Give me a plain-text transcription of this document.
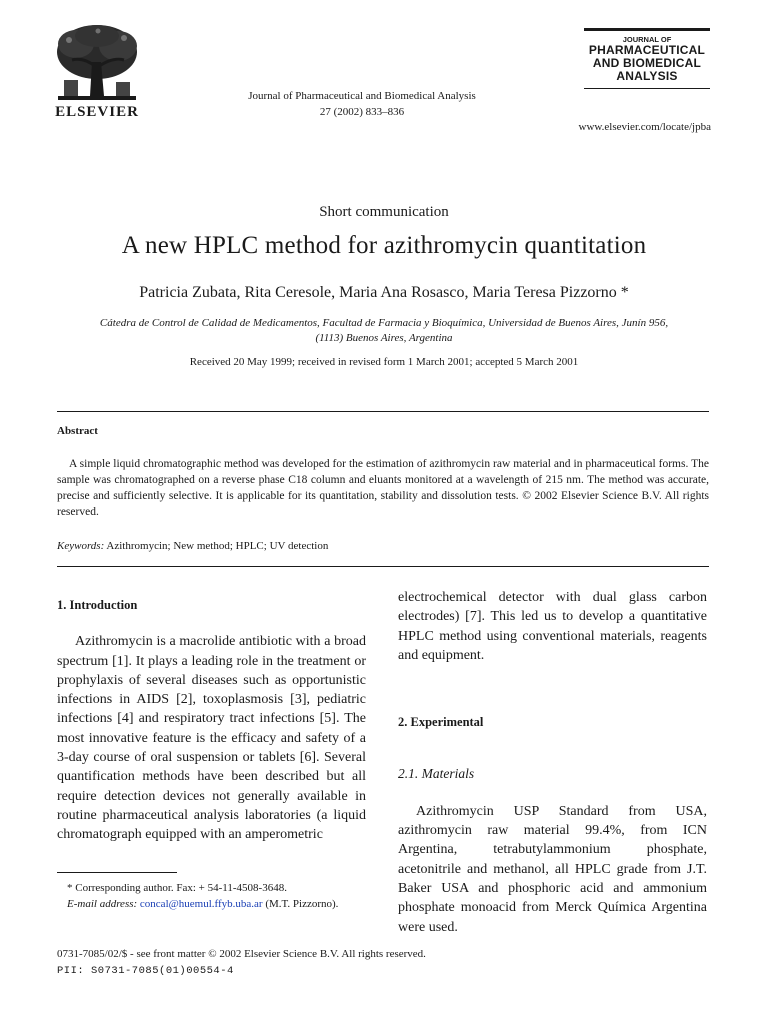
ELSEVIER
Journal of Pharmaceutical and Biomedical Analysis
27 (2002) 833–836
JOURNAL OF
PHARMACEUTICAL
AND BIOMEDICAL
ANALYSIS
www.elsevier.com/locate/jpba
Short communication
A new HPLC method for azithromycin quantitation
Patricia Zubata, Rita Ceresole, Maria Ana Rosasco, Maria Teresa Pizzorno *
Cátedra de Control de Calidad de Medicamentos, Facultad de Farmacia y Bioquímica, Universidad de Buenos Aires, Junín 956,
(1113) Buenos Aires, Argentina
Received 20 May 1999; received in revised form 1 March 2001; accepted 5 March 2001
Abstract
A simple liquid chromatographic method was developed for the estimation of azithromycin raw material and in pharmaceutical forms. The sample was chromatographed on a reverse phase C18 column and eluants monitored at a wavelength of 215 nm. The method was accurate, precise and sufficiently selective. It is applicable for its quantitation, stability and dissolution tests. © 2002 Elsevier Science B.V. All rights reserved.
Keywords: Azithromycin; New method; HPLC; UV detection
1. Introduction
Azithromycin is a macrolide antibiotic with a broad spectrum [1]. It plays a leading role in the treatment or prophylaxis of several diseases such as opportunistic infections in AIDS [2], toxoplasmosis [3], pediatric infections [4] and respiratory tract infections [5]. The most innovative feature is the efficacy and safety of a 3-day course of oral suspension or tablets [6]. Several quantification methods have been described but all require detection devices not generally available in routine pharmaceutical analysis laboratories (a liquid chromatograph equipped with an amperometric
electrochemical detector with dual glass carbon electrodes) [7]. This led us to develop a quantitative HPLC method using conventional materials, reagents and equipment.
2. Experimental
2.1. Materials
Azithromycin USP Standard from USA, azithromycin raw material 99.4%, from ICN Argentina, tetrabutylammonium phosphate, acetonitrile and methanol, all HPLC grade from J.T. Baker USA and phosphoric acid and ammonium phosphate monoacid from Merck Química Argentina were used.
* Corresponding author. Fax: + 54-11-4508-3648.
E-mail address: concal@huemul.ffyb.uba.ar (M.T. Pizzorno).
0731-7085/02/$ - see front matter © 2002 Elsevier Science B.V. All rights reserved.
PII: S0731-7085(01)00554-4
